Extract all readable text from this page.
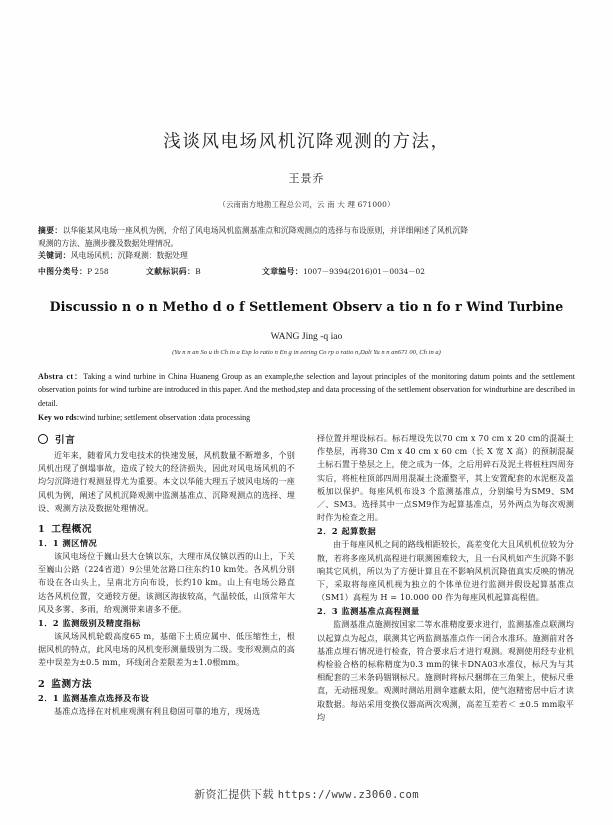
浅谈风电场风机沉降观测的方法，
王景乔
（云南南方地勘工程总公司，云 南 大 理 671000）

摘要：以华能某风电场一座风机为例，介绍了风电场风机监测基准点和沉降观测点的选择与布设原则，并详细阐述了风机沉降

观测的方法、施测步骤及数据处理情况。

关键词：风电场风机；沉降观测：数据处理

中图分类号：P 258	文献标识码：B	文章编号：1007－9394(2016)01－0034－02
Discussio n o n Metho d o f Settlement Observ a tio n fo r Wind Turbine
WANG Jing -q iao
(Yu n n an So u th Ch in a Exp lo ratio n En g in eering Co rp o ratio n,Dali Yu n n an671 00, Ch in a)

Abstra ct：Taking a wind turbine in China Huaneng Group as an example,the selection and layout principles of the monitoring datum points and the settlement observation points for wind turbine are introduced in this paper. And the method,step and data processing of the settlement observation for windturbine are described in detail.

Key wo rds:wind turbine; settlement observation :data processing
引言

近年来，随着风力发电技术的快速发展，风机数量不断增多，个别风机出现了倒塌事故，造成了较大的经济损失，因此对风电场风机的不均匀沉降进行观测显得尤为重要。本文以华能大理五子坡风电场的一座风机为例，阐述了风机沉降观测中监测基准点、沉降观测点的选择、埋设、观测方法及数据处理情况。

1 工程概况
1．1 测区情况

该风电场位于巍山县大仓镇以东，大理市凤仪镇以西的山上，下关至巍山公路（224省道）9公里处岔路口往东约10 km处。各风机分别布设在各山头上，呈南北方向布设，长约10 km。山上有电场公路直达各风机位置，交通较方便。该测区海拔较高，气温较低，山顶常年大风及多雾、多雨，给观测带来诸多不便。

1．2 监测级别及精度指标

该风场风机轮毂高度65 m，基础下土质应属中、低压缩性土，根据风机的特点，此风电场的风机变形测量级别为二级。变形观测点的高差中误差为±0.5 mm，环线闭合差限差为±1.0根mm。

2 监测方法
2．1 监测基准点选择及布设

基准点选择在对机座观测有利且稳固可靠的地方，现场选

择位置并埋设标石。标石埋设先以70 cm x 70 cm x 20 cm的混凝土作垫层，再将30 Cm x 40 cm x 60 cm（长 X 宽 X 高）的预制混凝土标石置于垫层之上，使之成为一体，之后用碎石及泥土将桩柱四周夯实后，将桩柱顶部四周用混凝土浇灌整平，其上安置配套的水泥框及盖板加以保护。每座风机布设3 个监测基准点，分别编号为SM9、SM／、SM3。选择其中一点SM9作为起算基准点，另外两点为每次观测时作为检查之用。

2．2 起算数据

由于每座风机之间的路线相距较长，高差变化大且风机机位较为分散，若将多座风机高程进行联测困难较大，且一台风机如产生沉降不影响其它风机，所以为了方便计算且在不影响风机沉降值真实反映的情况下，采取将每座风机视为独立的个体单位进行监测并假设起算基准点（SM1）高程为 H = 10.000 00 作为每座风机起算高程值。

2．3 监测基准点高程测量

监测基准点施测按国家二等水准精度要求进行，监测基准点联测均以起算点为起点，联测其它两监测基准点作一闭合水准环。施测前对各基准点埋石情况进行检查，符合要求后才进行观测。观测使用经专业机构检验合格的标称精度为0.3 mm的徕卡DNA03水准仪，标尺为与其相配套的三米条码铟钢标尺。施测时将标尺捆绑在三角架上，使标尺垂直，无动摇现象。观测时测站用测伞遮蔽太阳，使气泡精密居中后才读取数据。每站采用变换仪器高两次观测，高差互差若＜ ±0.5 mm取平均

新资汇提供下载 https://www.z3060.com
